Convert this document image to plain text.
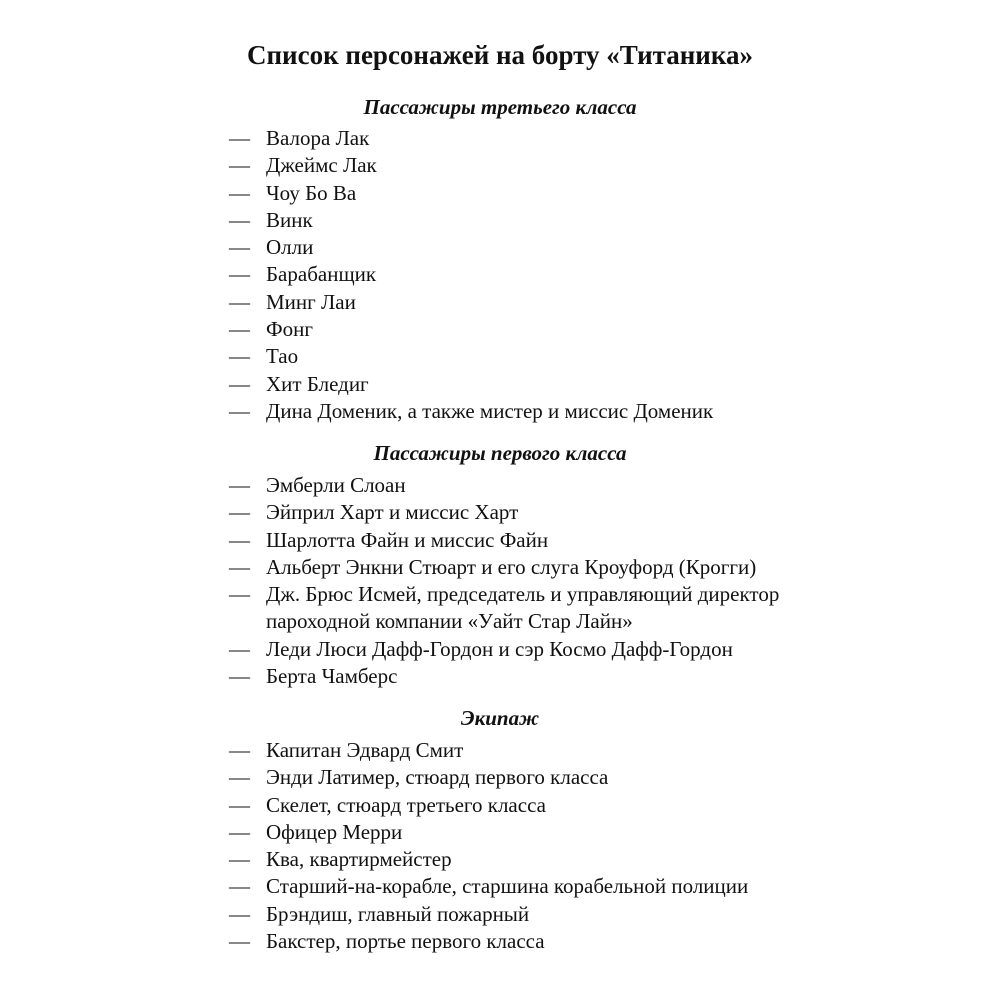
Список персонажей на борту «Титаника»
Пассажиры третьего класса
— Валора Лак
— Джеймс Лак
— Чоу Бо Ва
— Винк
— Олли
— Барабанщик
— Минг Лаи
— Фонг
— Тао
— Хит Бледиг
— Дина Доменик, а также мистер и миссис Доменик
Пассажиры первого класса
— Эмберли Слоан
— Эйприл Харт и миссис Харт
— Шарлотта Файн и миссис Файн
— Альберт Энкни Стюарт и его слуга Кроуфорд (Крогги)
— Дж. Брюс Исмей, председатель и управляющий директор пароходной компании «Уайт Стар Лайн»
— Леди Люси Дафф-Гордон и сэр Космо Дафф-Гордон
— Берта Чамберс
Экипаж
— Капитан Эдвард Смит
— Энди Латимер, стюард первого класса
— Скелет, стюард третьего класса
— Офицер Мерри
— Ква, квартирмейстер
— Старший-на-корабле, старшина корабельной полиции
— Брэндиш, главный пожарный
— Бакстер, портье первого класса
